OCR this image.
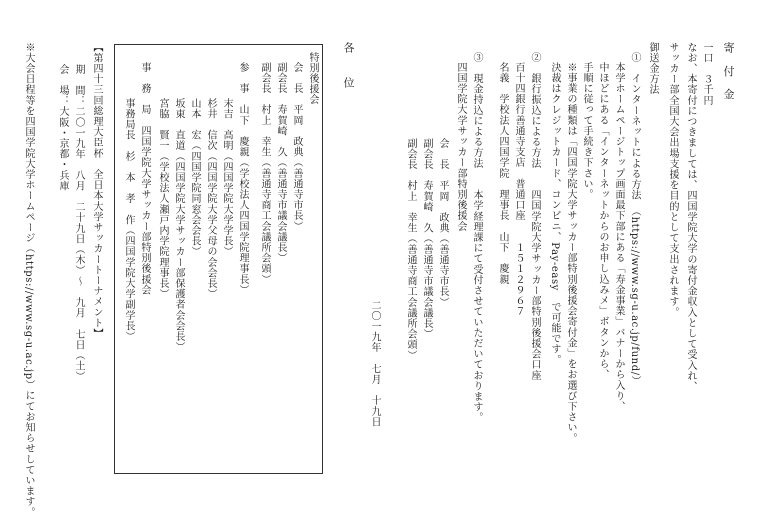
寄　付　金
一口　３千円
なお、本寄付につきましては、四国学院大学の寄付金収入として受入れ、
サッカー部全国大会出場支援を目的として支出されます。
御送金方法
①　インターネットによる方法　（https://www.sg-u.ac.jp/fund/）
本学ホームページトップ画面最下部にある「寿金事業」バナーから入り、
中ほどにある「インターネットからのお申し込みメ」ボタンから、
手順に従って手続き下さい。
※事業の種類は「四国学院大学サッカー部特別後援会寄付金」をお選び下さい。
決裁はクレジットカード、コンビニ、Pay-easy　で可能です。
②　銀行振込による方法　　四国学院大学サッカー部特別後援会口座
百十四銀行善通寺支店　普通口座　　１５１２９６７
名義　学校法人四国学院　理事長　山下　慶親
③　現金持込による方法　　本学経理課にて受付させていただいております。
四国学院大学サッカー部特別後援会
会　長　平岡　政典（善通寺市長）
副会長　寿賀崎　久（善通寺市議会議長）
副会長　村上　幸生（善通寺商工会議所会頭）
二〇一九年　七月　十九日
各　　位
特別後援会
会　長　平岡　政典（善通寺市長）
副会長　寿賀崎　久（善通寺市議会議長）
副会長　村上　幸生（善通寺商工会議所会頭）
参　事　山下　慶親（学校法人四国学院理事長）
末吉　高明（四国学院大学学長）
杉井　信次（四国学院大学父母の会会長）
山本　宏（四国学院同窓会会長）
坂東　直道（四国学院大学サッカー部保護者会会長）
宮脇　賢一（学校法人瀬戸内学院理事長）
事　務　局　四国学院大学サッカー部特別後援会
事務局長　杉　本　孝　作（四国学院大学副学長）
【第四十三回総理大臣杯　全日本大学サッカートーナメント】
期　間：二〇一九年　八月　二十九日（木）～　九月　七日（土）
会　場：大阪・京都・兵庫
※大会日程等を四国学院大学ホームページ（https://www.sg-u.ac.jp）にてお知らせしています。
